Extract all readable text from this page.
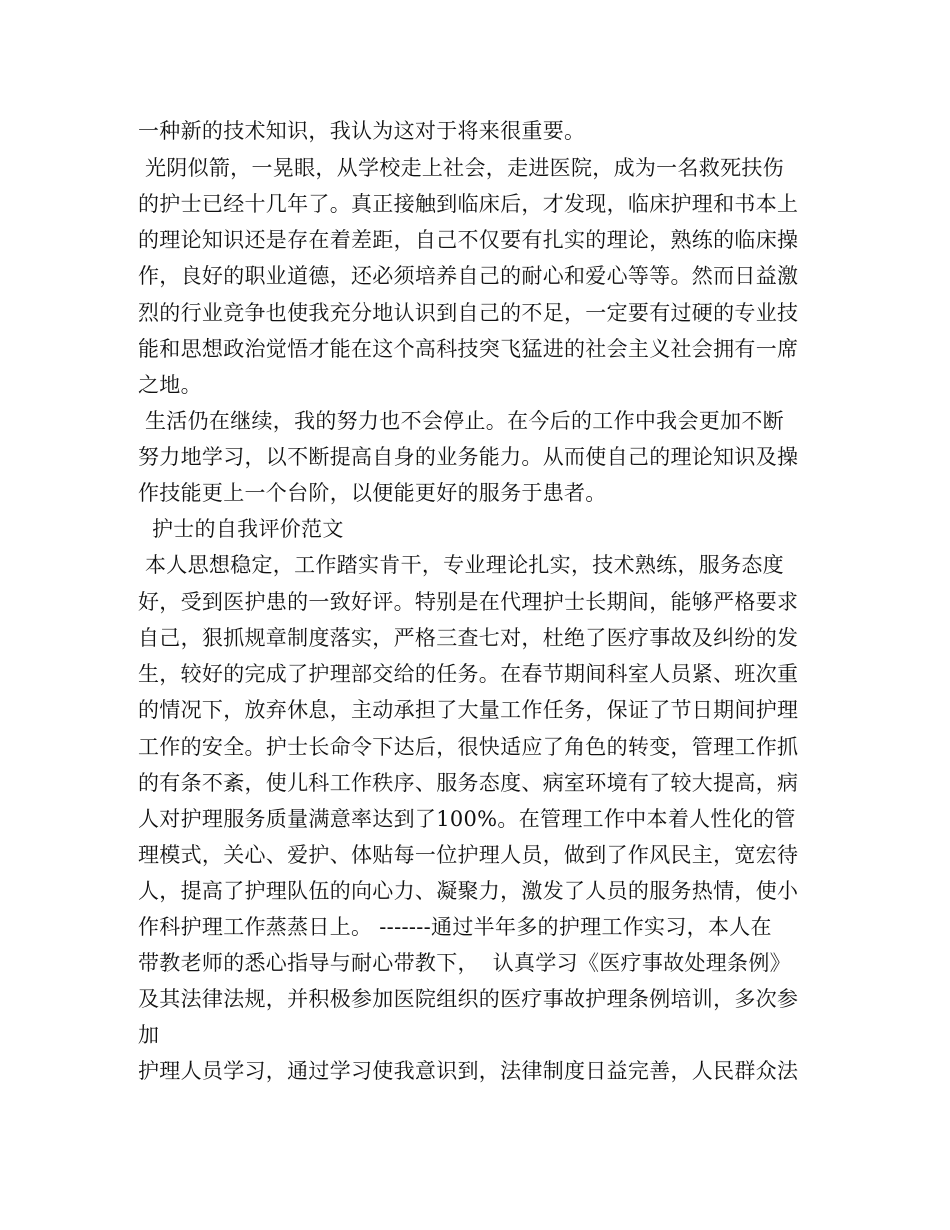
一种新的技术知识，我认为这对于将来很重要。
光阴似箭，一晃眼，从学校走上社会，走进医院，成为一名救死扶伤
的护士已经十几年了。真正接触到临床后，才发现，临床护理和书本上
的理论知识还是存在着差距，自己不仅要有扎实的理论，熟练的临床操
作，良好的职业道德，还必须培养自己的耐心和爱心等等。然而日益激
烈的行业竞争也使我充分地认识到自己的不足，一定要有过硬的专业技
能和思想政治觉悟才能在这个高科技突飞猛进的社会主义社会拥有一席
之地。
生活仍在继续，我的努力也不会停止。在今后的工作中我会更加不断
努力地学习，以不断提高自身的业务能力。从而使自己的理论知识及操
作技能更上一个台阶，以便能更好的服务于患者。
护士的自我评价范文
本人思想稳定，工作踏实肯干，专业理论扎实，技术熟练，服务态度
好，受到医护患的一致好评。特别是在代理护士长期间，能够严格要求
自己，狠抓规章制度落实，严格三查七对，杜绝了医疗事故及纠纷的发
生，较好的完成了护理部交给的任务。在春节期间科室人员紧、班次重
的情况下，放弃休息，主动承担了大量工作任务，保证了节日期间护理
工作的安全。护士长命令下达后，很快适应了角色的转变，管理工作抓
的有条不紊，使儿科工作秩序、服务态度、病室环境有了较大提高，病
人对护理服务质量满意率达到了100%。在管理工作中本着人性化的管
理模式，关心、爱护、体贴每一位护理人员，做到了作风民主，宽宏待
人，提高了护理队伍的向心力、凝聚力，激发了人员的服务热情，使小
作科护理工作蒸蒸日上。 -------通过半年多的护理工作实习，本人在
带教老师的悉心指导与耐心带教下，  认真学习《医疗事故处理条例》
及其法律法规，并积极参加医院组织的医疗事故护理条例培训，多次参
加
护理人员学习，通过学习使我意识到，法律制度日益完善，人民群众法
